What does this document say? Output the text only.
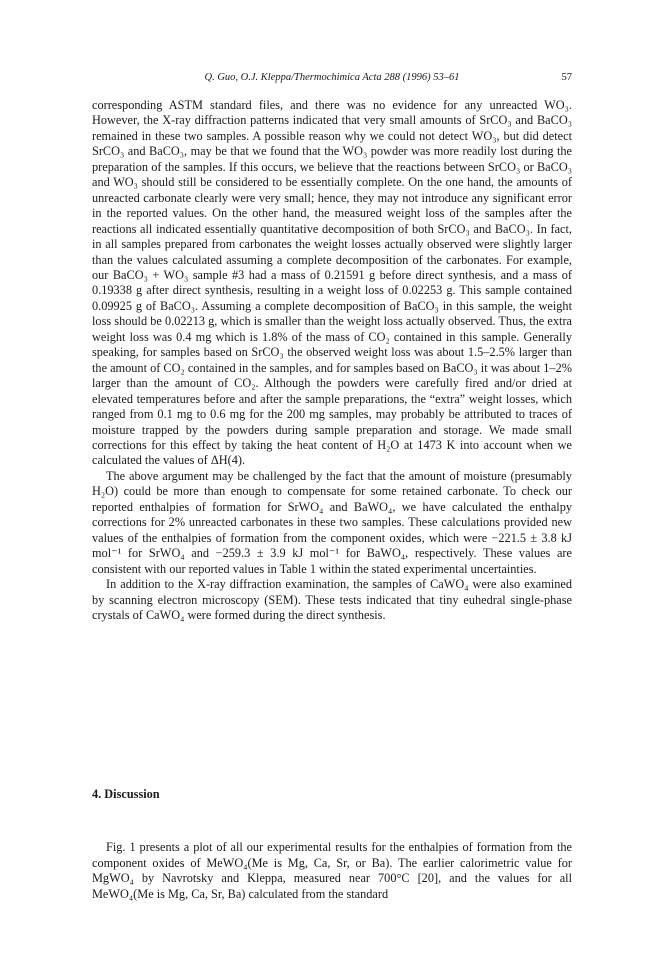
Q. Guo, O.J. Kleppa/Thermochimica Acta 288 (1996) 53–61	57

corresponding ASTM standard files, and there was no evidence for any unreacted WO₃. However, the X-ray diffraction patterns indicated that very small amounts of SrCO₃ and BaCO₃ remained in these two samples. A possible reason why we could not detect WO₃, but did detect SrCO₃ and BaCO₃, may be that we found that the WO₃ powder was more readily lost during the preparation of the samples. If this occurs, we believe that the reactions between SrCO₃ or BaCO₃ and WO₃ should still be considered to be essentially complete. On the one hand, the amounts of unreacted carbonate clearly were very small; hence, they may not introduce any significant error in the reported values. On the other hand, the measured weight loss of the samples after the reactions all indicated essentially quantitative decomposition of both SrCO₃ and BaCO₃. In fact, in all samples prepared from carbonates the weight losses actually observed were slightly larger than the values calculated assuming a complete decomposition of the carbonates. For example, our BaCO₃ + WO₃ sample #3 had a mass of 0.21591 g before direct synthesis, and a mass of 0.19338 g after direct synthesis, resulting in a weight loss of 0.02253 g. This sample contained 0.09925 g of BaCO₃. Assuming a complete decomposition of BaCO₃ in this sample, the weight loss should be 0.02213 g, which is smaller than the weight loss actually observed. Thus, the extra weight loss was 0.4 mg which is 1.8% of the mass of CO₂ contained in this sample. Generally speaking, for samples based on SrCO₃ the observed weight loss was about 1.5–2.5% larger than the amount of CO₂ contained in the samples, and for samples based on BaCO₃ it was about 1–2% larger than the amount of CO₂. Although the powders were carefully fired and/or dried at elevated temperatures before and after the sample preparations, the “extra” weight losses, which ranged from 0.1 mg to 0.6 mg for the 200 mg samples, may probably be attributed to traces of moisture trapped by the powders during sample preparation and storage. We made small corrections for this effect by taking the heat content of H₂O at 1473 K into account when we calculated the values of ΔH(4).

The above argument may be challenged by the fact that the amount of moisture (presumably H₂O) could be more than enough to compensate for some retained carbonate. To check our reported enthalpies of formation for SrWO₄ and BaWO₄, we have calculated the enthalpy corrections for 2% unreacted carbonates in these two samples. These calculations provided new values of the enthalpies of formation from the component oxides, which were −221.5 ± 3.8 kJ mol⁻¹ for SrWO₄ and −259.3 ± 3.9 kJ mol⁻¹ for BaWO₄, respectively. These values are consistent with our reported values in Table 1 within the stated experimental uncertainties.

In addition to the X-ray diffraction examination, the samples of CaWO₄ were also examined by scanning electron microscopy (SEM). These tests indicated that tiny euhedral single-phase crystals of CaWO₄ were formed during the direct synthesis.

4. Discussion

Fig. 1 presents a plot of all our experimental results for the enthalpies of formation from the component oxides of MeWO₄(Me is Mg, Ca, Sr, or Ba). The earlier calorimetric value for MgWO₄ by Navrotsky and Kleppa, measured near 700°C [20], and the values for all MeWO₄(Me is Mg, Ca, Sr, Ba) calculated from the standard
